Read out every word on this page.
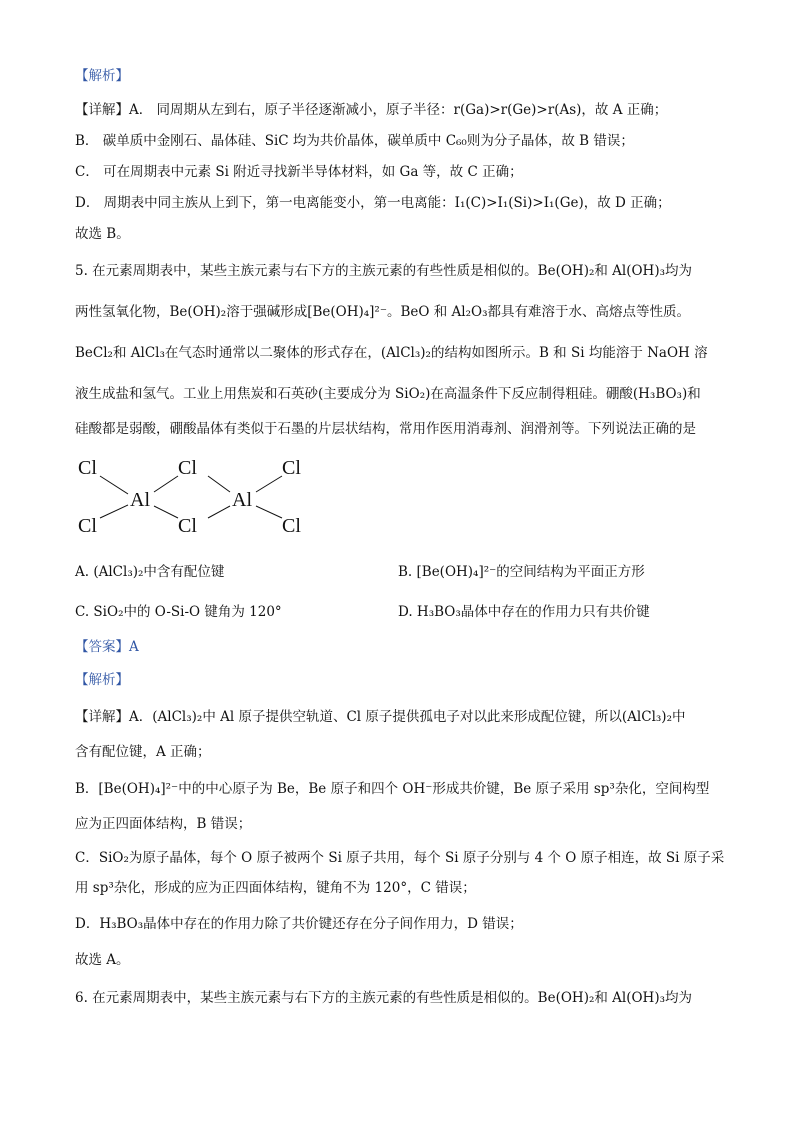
【解析】
【详解】A． 同周期从左到右，原子半径逐渐减小，原子半径：r(Ga)>r(Ge)>r(As)，故 A 正确；
B． 碳单质中金刚石、晶体硅、SiC 均为共价晶体，碳单质中 C₆₀则为分子晶体，故 B 错误；
C． 可在周期表中元素 Si 附近寻找新半导体材料，如 Ga 等，故 C 正确；
D． 周期表中同主族从上到下，第一电离能变小，第一电离能：I₁(C)>I₁(Si)>I₁(Ge)，故 D 正确；
故选 B。
5. 在元素周期表中，某些主族元素与右下方的主族元素的有些性质是相似的。Be(OH)₂和 Al(OH)₃均为
两性氢氧化物，Be(OH)₂溶于强碱形成[Be(OH)₄]²⁻。BeO 和 Al₂O₃都具有难溶于水、高熔点等性质。
BeCl₂和 AlCl₃在气态时通常以二聚体的形式存在，(AlCl₃)₂的结构如图所示。B 和 Si 均能溶于 NaOH 溶
液生成盐和氢气。工业上用焦炭和石英砂(主要成分为 SiO₂)在高温条件下反应制得粗硅。硼酸(H₃BO₃)和
硅酸都是弱酸，硼酸晶体有类似于石墨的片层状结构，常用作医用消毒剂、润滑剂等。下列说法正确的是
Cl
Cl
Cl
Cl
Cl
Cl
Al	Al
A. (AlCl₃)₂中含有配位键	B. [Be(OH)₄]²⁻的空间结构为平面正方形
C. SiO₂中的 O-Si-O 键角为 120°	D. H₃BO₃晶体中存在的作用力只有共价键
【答案】A
【解析】
【详解】A．(AlCl₃)₂中 Al 原子提供空轨道、Cl 原子提供孤电子对以此来形成配位键，所以(AlCl₃)₂中
含有配位键，A 正确；
B．[Be(OH)₄]²⁻中的中心原子为 Be，Be 原子和四个 OH⁻形成共价键，Be 原子采用 sp³杂化，空间构型
应为正四面体结构，B 错误；
C．SiO₂为原子晶体，每个 O 原子被两个 Si 原子共用，每个 Si 原子分别与 4 个 O 原子相连，故 Si 原子采
用 sp³杂化，形成的应为正四面体结构，键角不为 120°，C 错误；
D．H₃BO₃晶体中存在的作用力除了共价键还存在分子间作用力，D 错误；
故选 A。
6. 在元素周期表中，某些主族元素与右下方的主族元素的有些性质是相似的。Be(OH)₂和 Al(OH)₃均为
